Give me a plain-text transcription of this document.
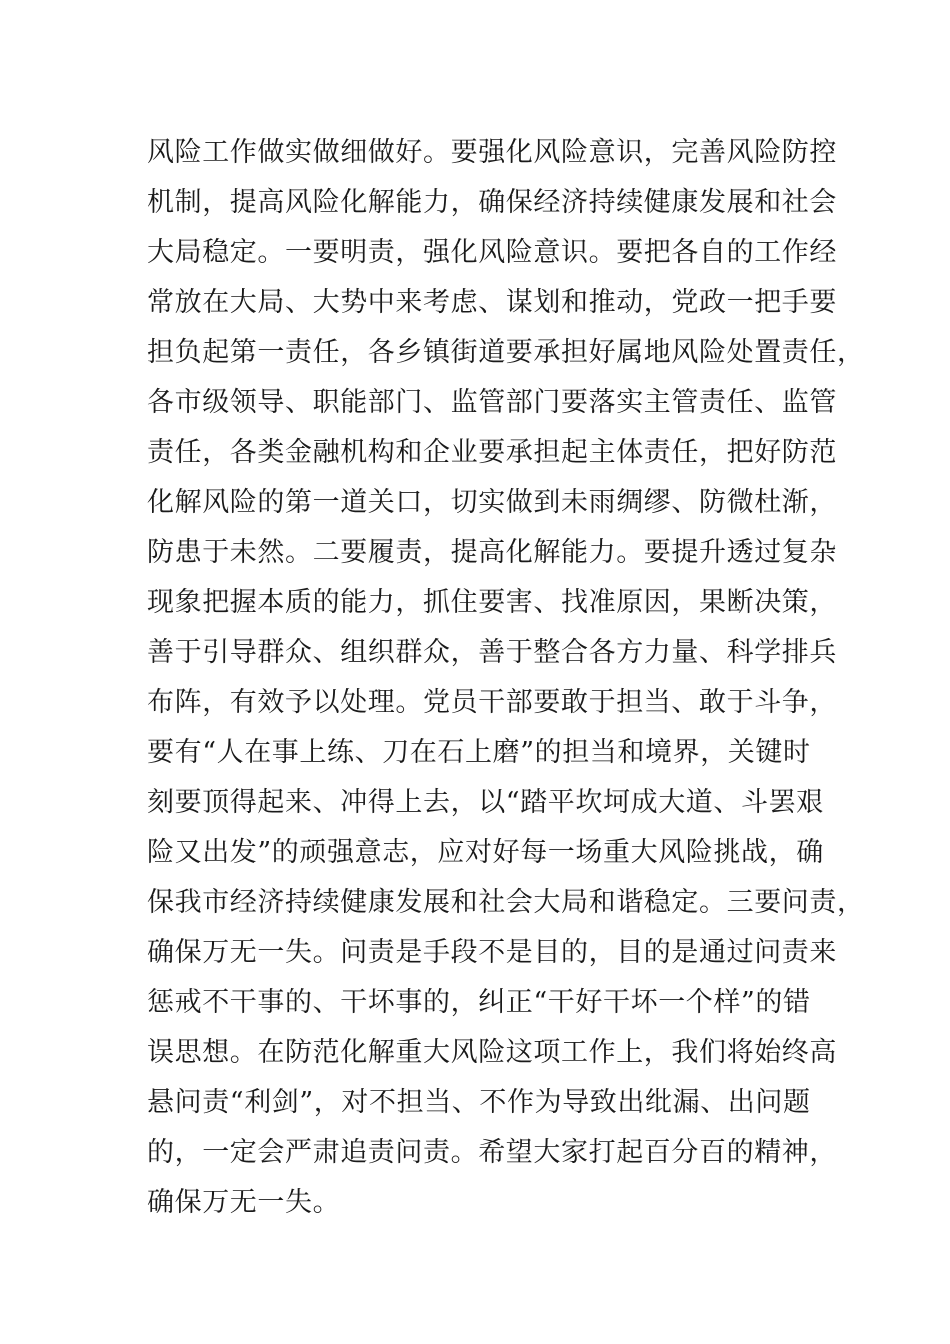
风险工作做实做细做好。要强化风险意识，完善风险防控
机制，提高风险化解能力，确保经济持续健康发展和社会
大局稳定。一要明责，强化风险意识。要把各自的工作经
常放在大局、大势中来考虑、谋划和推动，党政一把手要
担负起第一责任，各乡镇街道要承担好属地风险处置责任，
各市级领导、职能部门、监管部门要落实主管责任、监管
责任，各类金融机构和企业要承担起主体责任，把好防范
化解风险的第一道关口，切实做到未雨绸缪、防微杜渐，
防患于未然。二要履责，提高化解能力。要提升透过复杂
现象把握本质的能力，抓住要害、找准原因，果断决策，
善于引导群众、组织群众，善于整合各方力量、科学排兵
布阵，有效予以处理。党员干部要敢于担当、敢于斗争，
要有“人在事上练、刀在石上磨”的担当和境界，关键时
刻要顶得起来、冲得上去，以“踏平坎坷成大道、斗罢艰
险又出发”的顽强意志，应对好每一场重大风险挑战，确
保我市经济持续健康发展和社会大局和谐稳定。三要问责，
确保万无一失。问责是手段不是目的，目的是通过问责来
惩戒不干事的、干坏事的，纠正“干好干坏一个样”的错
误思想。在防范化解重大风险这项工作上，我们将始终高
悬问责“利剑”，对不担当、不作为导致出纰漏、出问题
的，一定会严肃追责问责。希望大家打起百分百的精神，
确保万无一失。
